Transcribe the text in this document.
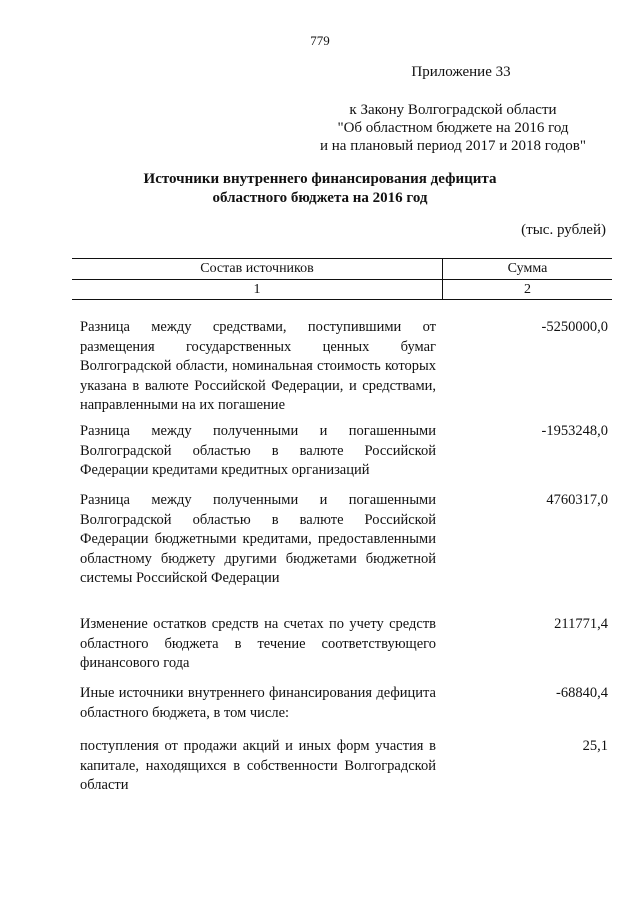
779
Приложение 33
к Закону Волгоградской области
"Об областном бюджете на 2016 год
и на плановый период 2017 и 2018 годов"
Источники внутреннего финансирования дефицита
областного бюджета на 2016 год
(тыс. рублей)
Состав источников	Сумма
1	2
Разница между средствами, поступившими от размещения государственных ценных бумаг Волгоградской области, номинальная стоимость которых указана в валюте Российской Федерации, и средствами, направленными на их погашение
-5250000,0
Разница между полученными и погашенными Волгоградской областью в валюте Российской Федерации кредитами кредитных организаций
-1953248,0
Разница между полученными и погашенными Волгоградской областью в валюте Российской Федерации бюджетными кредитами, предоставленными областному бюджету другими бюджетами бюджетной системы Российской Федерации
4760317,0
Изменение остатков средств на счетах по учету средств областного бюджета в течение соответствующего финансового года
211771,4
Иные источники внутреннего финансирования дефицита областного бюджета, в том числе:
-68840,4
поступления от продажи акций и иных форм участия в капитале, находящихся в собственности Волгоградской области
25,1
